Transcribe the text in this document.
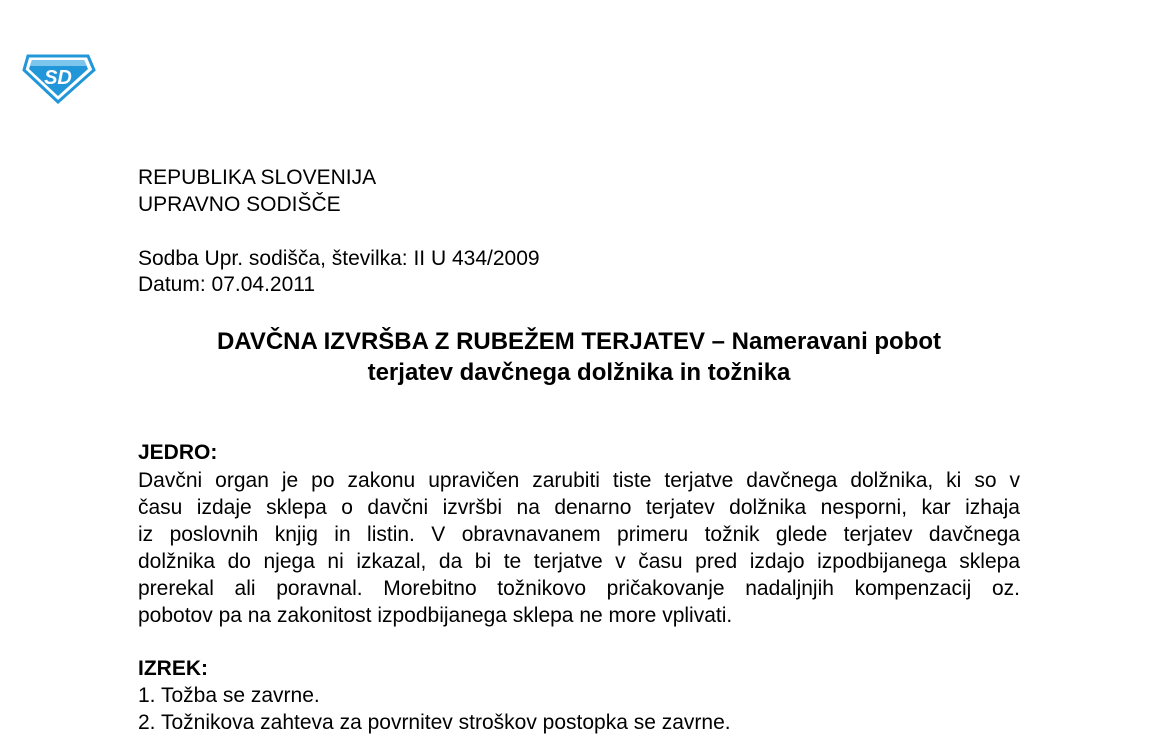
SD
REPUBLIKA SLOVENIJA
UPRAVNO SODIŠČE
Sodba Upr. sodišča, številka: II U 434/2009
Datum: 07.04.2011
DAVČNA IZVRŠBA Z RUBEŽEM TERJATEV – Nameravani pobot
terjatev davčnega dolžnika in tožnika
JEDRO:
Davčni organ je po zakonu upravičen zarubiti tiste terjatve davčnega dolžnika, ki so v
času izdaje sklepa o davčni izvršbi na denarno terjatev dolžnika nesporni, kar izhaja
iz poslovnih knjig in listin. V obravnavanem primeru tožnik glede terjatev davčnega
dolžnika do njega ni izkazal, da bi te terjatve v času pred izdajo izpodbijanega sklepa
prerekal ali poravnal. Morebitno tožnikovo pričakovanje nadaljnjih kompenzacij oz.
pobotov pa na zakonitost izpodbijanega sklepa ne more vplivati.
IZREK:
1. Tožba se zavrne.
2. Tožnikova zahteva za povrnitev stroškov postopka se zavrne.
